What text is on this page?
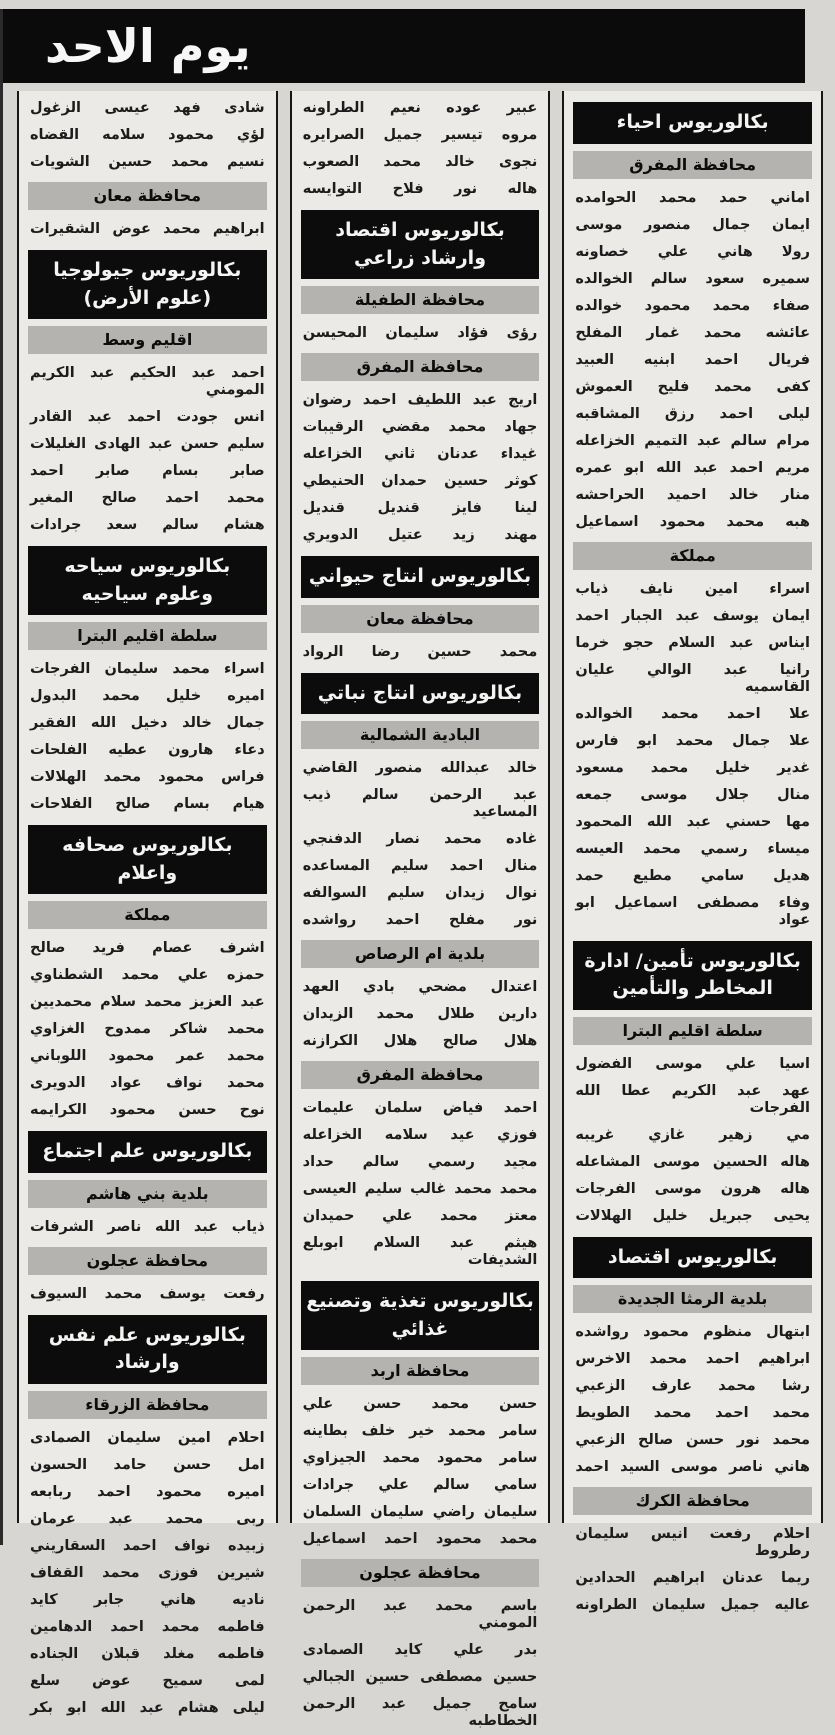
يوم الاحد
بكالوريوس احياء
محافظة المفرق
اماني
حمد
محمد
الحوامده
ايمان
جمال
منصور
موسى
رولا
هاني
علي
خصاونه
سميره
سعود
سالم
الخوالده
صفاء
محمد
محمود
خوالده
عائشه
محمد
غمار
المفلح
فريال
احمد
ابنيه
العبيد
كفى
محمد
فليح
العموش
ليلى
احمد
رزق
المشاقبه
مرام
سالم
عبد
التميم
الخزاعله
مريم
احمد
عبد
الله
ابو
عمره
منار
خالد
احميد
الحراحشه
هبه
محمد
محمود
اسماعيل
مملكة
اسراء
امين
نايف
ذياب
ايمان
يوسف
عبد
الجبار
احمد
ايناس
عبد
السلام
حجو
خرما
رانيا
عبد
الوالي
عليان
القاسميه
علا
احمد
محمد
الخوالده
علا
جمال
محمد
ابو
فارس
غدير
خليل
محمد
مسعود
منال
جلال
موسى
جمعه
مها
حسني
عبد
الله
المحمود
ميساء
رسمي
محمد
العيسه
هديل
سامي
مطيع
حمد
وفاء
مصطفى
اسماعيل
ابو
عواد
بكالوريوس تأمين/ ادارة المخاطر والتأمين
سلطة اقليم البترا
اسيا
علي
موسى
الفضول
عهد
عبد
الكريم
عطا
الله
الفرجات
مي
زهير
غازي
غريبه
هاله
الحسين
موسى
المشاعله
هاله
هرون
موسى
الفرجات
يحيى
جبريل
خليل
الهلالات
بكالوريوس اقتصاد
بلدية الرمثا الجديدة
ابتهال
منظوم
محمود
رواشده
ابراهيم
احمد
محمد
الاخرس
رشا
محمد
عارف
الزعبي
محمد
احمد
محمد
الطويط
محمد
نور
حسن
صالح
الزعبي
هاني
ناصر
موسى
السيد
احمد
محافظة الكرك
احلام
رفعت
انيس
سليمان
رطروط
ريما
عدنان
ابراهيم
الحدادين
عاليه
جميل
سليمان
الطراونه
عبير
عوده
نعيم
الطراونه
مروه
تيسير
جميل
الصرايره
نجوى
خالد
محمد
الصعوب
هاله
نور
فلاح
التوايسه
بكالوريوس اقتصاد وارشاد زراعي
محافظة الطفيلة
رؤى
فؤاد
سليمان
المحيسن
محافظة المفرق
اريج
عبد
اللطيف
احمد
رضوان
جهاد
محمد
مقضي
الرقيبات
غيداء
عدنان
ثاني
الخزاعله
كوثر
حسين
حمدان
الحنيطي
لينا
فايز
قنديل
قنديل
مهند
زيد
عتيل
الدويري
بكالوريوس انتاج حيواني
محافظة معان
محمد
حسين
رضا
الرواد
بكالوريوس انتاج نباتي
البادية الشمالية
خالد
عبدالله
منصور
القاضي
عبد
الرحمن
سالم
ذيب
المساعيد
غاده
محمد
نصار
الدفنجي
منال
احمد
سليم
المساعده
نوال
زيدان
سليم
السوالفه
نور
مفلح
احمد
رواشده
بلدية ام الرصاص
اعتدال
مضحي
بادي
العهد
دارين
طلال
محمد
الزيدان
هلال
صالح
هلال
الكرازنه
محافظة المفرق
احمد
فياض
سلمان
عليمات
فوزي
عيد
سلامه
الخزاعله
مجيد
رسمي
سالم
حداد
محمد
محمد
غالب
سليم
العيسى
معتز
محمد
علي
حميدان
هيثم
عبد
السلام
ابوبلع
الشديفات
بكالوريوس تغذية وتصنيع غذائي
محافظة اربد
حسن
محمد
حسن
علي
سامر
محمد
خير
خلف
بطاينه
سامر
محمود
محمد
الجيزاوي
سامي
سالم
علي
جرادات
سليمان
راضي
سليمان
السلمان
محمد
محمود
احمد
اسماعيل
محافظة عجلون
باسم
محمد
عبد
الرحمن
المومني
بدر
علي
كايد
الصمادى
حسين
مصطفى
حسين
الجبالي
سامح
جميل
عبد
الرحمن
الخطاطبه
شادى
فهد
عيسى
الزغول
لؤي
محمود
سلامه
القضاه
نسيم
محمد
حسين
الشويات
محافظة معان
ابراهيم
محمد
عوض
الشقيرات
بكالوريوس جيولوجيا (علوم الأرض)
اقليم وسط
احمد
عبد
الحكيم
عبد
الكريم
المومني
انس
جودت
احمد
عبد
القادر
سليم
حسن
عبد
الهادى
الغليلات
صابر
بسام
صابر
احمد
محمد
احمد
صالح
المغير
هشام
سالم
سعد
جرادات
بكالوريوس سياحه وعلوم سياحيه
سلطة اقليم البترا
اسراء
محمد
سليمان
الفرجات
اميره
خليل
محمد
البدول
جمال
خالد
دخيل
الله
الفقير
دعاء
هارون
عطيه
الفلحات
فراس
محمود
محمد
الهلالات
هيام
بسام
صالح
الفلاحات
بكالوريوس صحافه واعلام
مملكة
اشرف
عصام
فريد
صالح
حمزه
علي
محمد
الشطناوي
عبد
العزيز
محمد
سلام
محمديين
محمد
شاكر
ممدوح
الغزاوي
محمد
عمر
محمود
اللوباني
محمد
نواف
عواد
الدويرى
نوح
حسن
محمود
الكرايمه
بكالوريوس علم اجتماع
بلدية بني هاشم
ذياب
عبد
الله
ناصر
الشرفات
محافظة عجلون
رفعت
يوسف
محمد
السيوف
بكالوريوس علم نفس وارشاد
محافظة الزرقاء
احلام
امين
سليمان
الصمادى
امل
حسن
حامد
الحسون
اميره
محمود
احمد
ربابعه
ربى
محمد
عبد
عرمان
زبيده
نواف
احمد
السقاريني
شيرين
فوزى
محمد
القفاف
ناديه
هاني
جابر
كايد
فاطمه
محمد
احمد
الدهامين
فاطمه
مغلد
قبلان
الجناده
لمى
سميح
عوض
سلع
ليلى
هشام
عبد
الله
ابو
بكر
